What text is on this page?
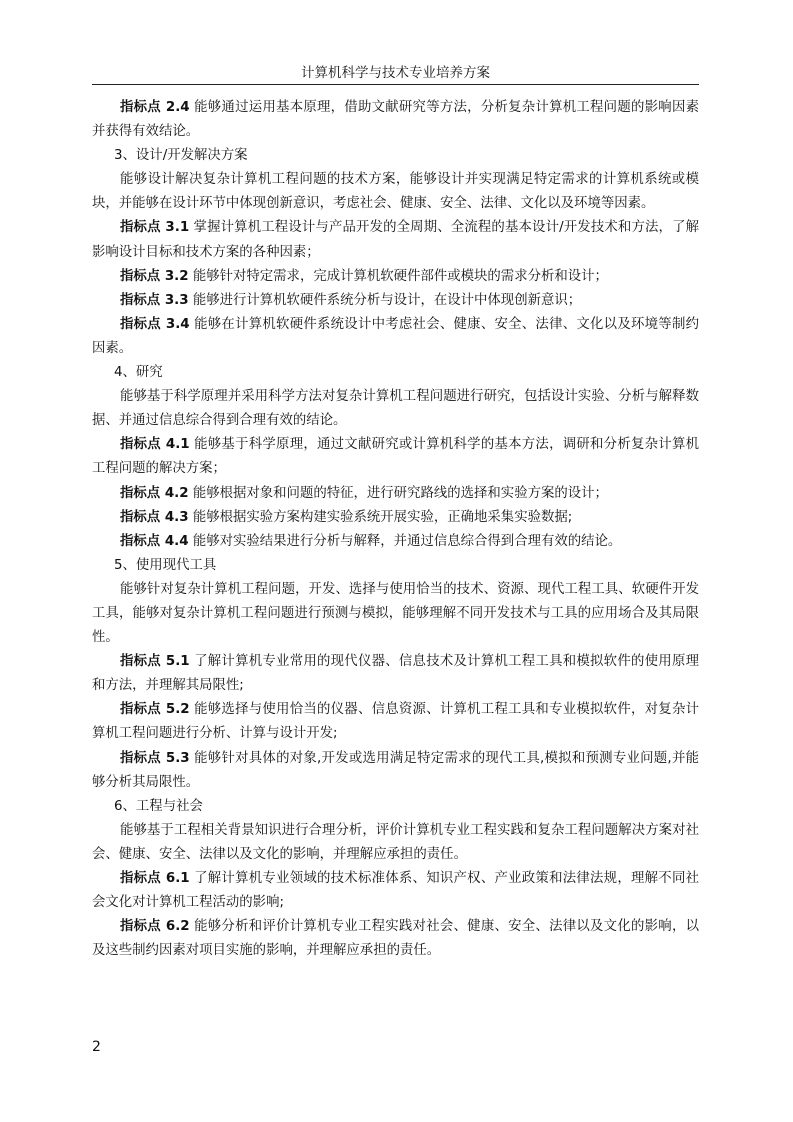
计算机科学与技术专业培养方案

指标点 2.4 能够通过运用基本原理，借助文献研究等方法，分析复杂计算机工程问题的影响因素并获得有效结论。

3、设计/开发解决方案

能够设计解决复杂计算机工程问题的技术方案，能够设计并实现满足特定需求的计算机系统或模块，并能够在设计环节中体现创新意识，考虑社会、健康、安全、法律、文化以及环境等因素。

指标点 3.1 掌握计算机工程设计与产品开发的全周期、全流程的基本设计/开发技术和方法，了解影响设计目标和技术方案的各种因素；

指标点 3.2 能够针对特定需求，完成计算机软硬件部件或模块的需求分析和设计；

指标点 3.3 能够进行计算机软硬件系统分析与设计，在设计中体现创新意识；

指标点 3.4 能够在计算机软硬件系统设计中考虑社会、健康、安全、法律、文化以及环境等制约因素。

4、研究

能够基于科学原理并采用科学方法对复杂计算机工程问题进行研究，包括设计实验、分析与解释数据、并通过信息综合得到合理有效的结论。

指标点 4.1 能够基于科学原理，通过文献研究或计算机科学的基本方法，调研和分析复杂计算机工程问题的解决方案；

指标点 4.2 能够根据对象和问题的特征，进行研究路线的选择和实验方案的设计；

指标点 4.3 能够根据实验方案构建实验系统开展实验，正确地采集实验数据;

指标点 4.4 能够对实验结果进行分析与解释，并通过信息综合得到合理有效的结论。

5、使用现代工具

能够针对复杂计算机工程问题，开发、选择与使用恰当的技术、资源、现代工程工具、软硬件开发工具，能够对复杂计算机工程问题进行预测与模拟，能够理解不同开发技术与工具的应用场合及其局限性。

指标点 5.1 了解计算机专业常用的现代仪器、信息技术及计算机工程工具和模拟软件的使用原理和方法，并理解其局限性;

指标点 5.2 能够选择与使用恰当的仪器、信息资源、计算机工程工具和专业模拟软件，对复杂计算机工程问题进行分析、计算与设计开发;

指标点 5.3 能够针对具体的对象,开发或选用满足特定需求的现代工具,模拟和预测专业问题,并能够分析其局限性。

6、工程与社会

能够基于工程相关背景知识进行合理分析，评价计算机专业工程实践和复杂工程问题解决方案对社会、健康、安全、法律以及文化的影响，并理解应承担的责任。

指标点 6.1 了解计算机专业领域的技术标准体系、知识产权、产业政策和法律法规，理解不同社会文化对计算机工程活动的影响;

指标点 6.2 能够分析和评价计算机专业工程实践对社会、健康、安全、法律以及文化的影响，以及这些制约因素对项目实施的影响，并理解应承担的责任。

2
